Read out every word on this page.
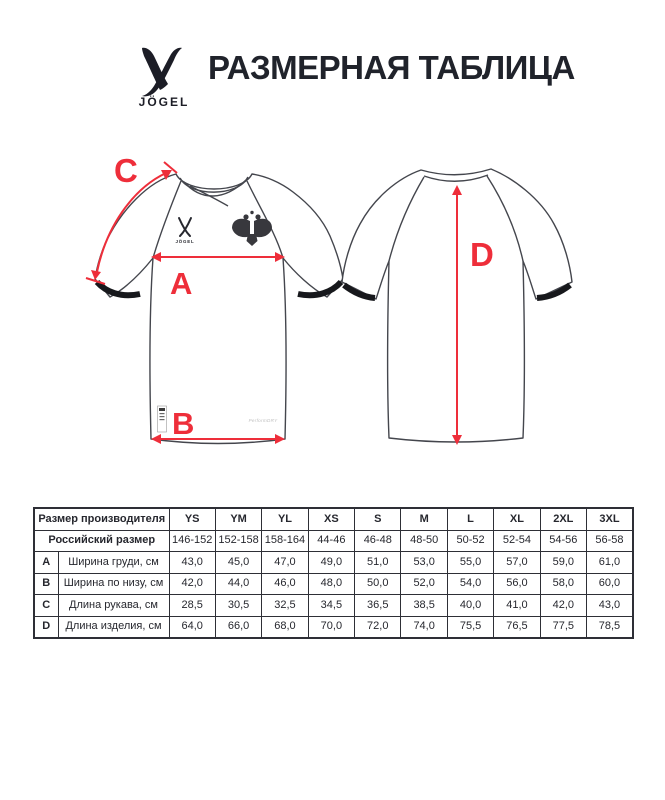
JÖGEL
РАЗМЕРНАЯ ТАБЛИЦА
JÖGEL
PerformDRY
A
B
C
D
Размер производителя		YS	YM	YL	XS	S	M	L	XL	2XL	3XL
Российский размер		146-152	152-158	158-164	44-46	46-48	48-50	50-52	52-54	54-56	56-58
A	Ширина груди, см	43,0	45,0	47,0	49,0	51,0	53,0	55,0	57,0	59,0	61,0
B	Ширина по низу, см	42,0	44,0	46,0	48,0	50,0	52,0	54,0	56,0	58,0	60,0
C	Длина рукава, см	28,5	30,5	32,5	34,5	36,5	38,5	40,0	41,0	42,0	43,0
D	Длина изделия, см	64,0	66,0	68,0	70,0	72,0	74,0	75,5	76,5	77,5	78,5
